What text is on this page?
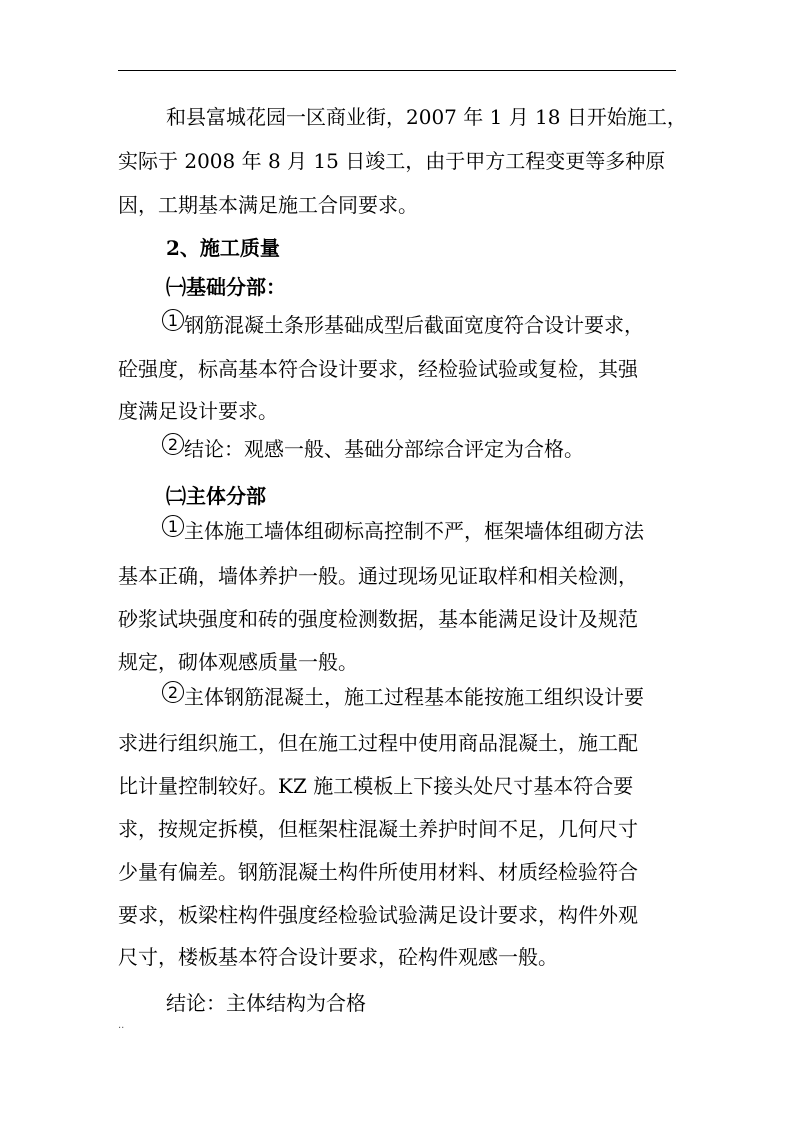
和县富城花园一区商业街，2007 年 1 月 18 日开始施工，
实际于 2008 年 8 月 15 日竣工，由于甲方工程变更等多种原
因，工期基本满足施工合同要求。
2、施工质量
㈠基础分部：
1 钢筋混凝土条形基础成型后截面宽度符合设计要求，
砼强度，标高基本符合设计要求，经检验试验或复检，其强
度满足设计要求。
2 结论：观感一般、基础分部综合评定为合格。
㈡主体分部
1 主体施工墙体组砌标高控制不严，框架墙体组砌方法
基本正确，墙体养护一般。通过现场见证取样和相关检测，
砂浆试块强度和砖的强度检测数据，基本能满足设计及规范
规定，砌体观感质量一般。
2 主体钢筋混凝土，施工过程基本能按施工组织设计要
求进行组织施工，但在施工过程中使用商品混凝土，施工配
比计量控制较好。KZ 施工模板上下接头处尺寸基本符合要
求，按规定拆模，但框架柱混凝土养护时间不足，几何尺寸
少量有偏差。钢筋混凝土构件所使用材料、材质经检验符合
要求，板梁柱构件强度经检验试验满足设计要求，构件外观
尺寸，楼板基本符合设计要求，砼构件观感一般。
结论：主体结构为合格
..
